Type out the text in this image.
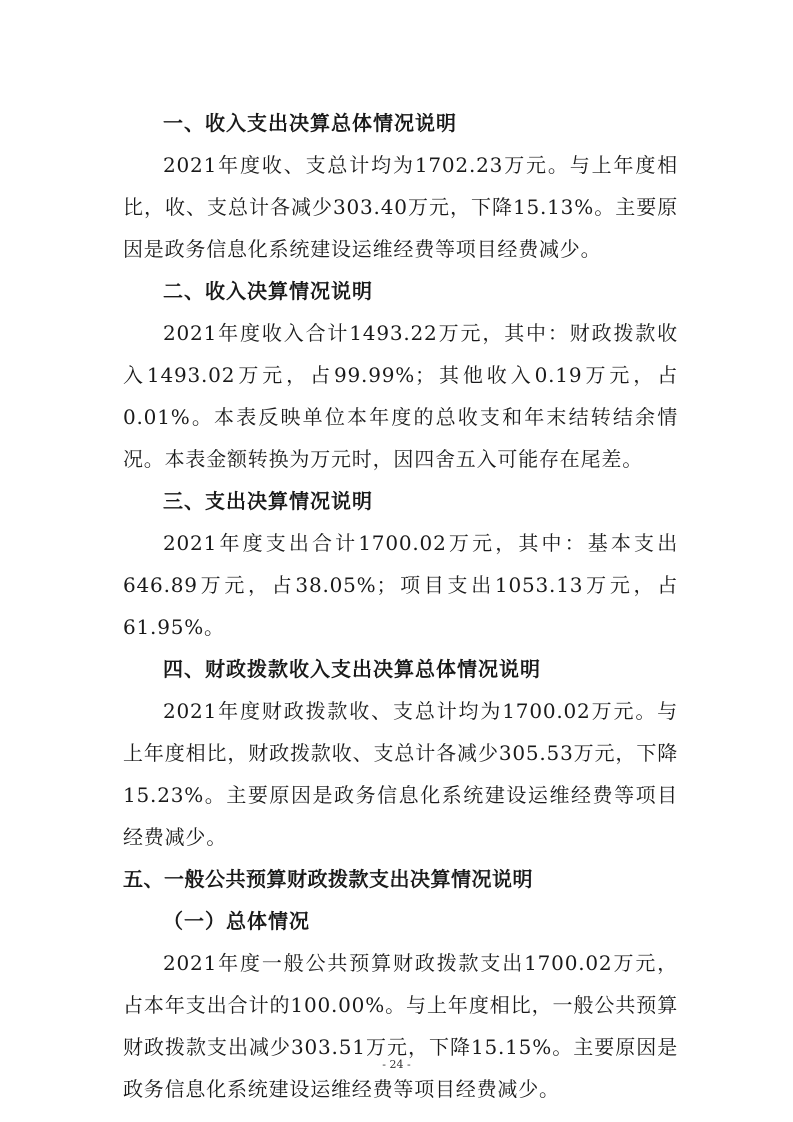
一、收入支出决算总体情况说明

2021年度收、支总计均为1702.23万元。与上年度相比，收、支总计各减少303.40万元，下降15.13%。主要原因是政务信息化系统建设运维经费等项目经费减少。

二、收入决算情况说明

2021年度收入合计1493.22万元，其中：财政拨款收入1493.02万元，占99.99%；其他收入0.19万元，占0.01%。本表反映单位本年度的总收支和年末结转结余情况。本表金额转换为万元时，因四舍五入可能存在尾差。

三、支出决算情况说明

2021年度支出合计1700.02万元，其中：基本支出646.89万元，占38.05%；项目支出1053.13万元，占61.95%。

四、财政拨款收入支出决算总体情况说明

2021年度财政拨款收、支总计均为1700.02万元。与上年度相比，财政拨款收、支总计各减少305.53万元，下降15.23%。主要原因是政务信息化系统建设运维经费等项目经费减少。

五、一般公共预算财政拨款支出决算情况说明
（一）总体情况

2021年度一般公共预算财政拨款支出1700.02万元，占本年支出合计的100.00%。与上年度相比，一般公共预算财政拨款支出减少303.51万元，下降15.15%。主要原因是政务信息化系统建设运维经费等项目经费减少。

- 24 -
